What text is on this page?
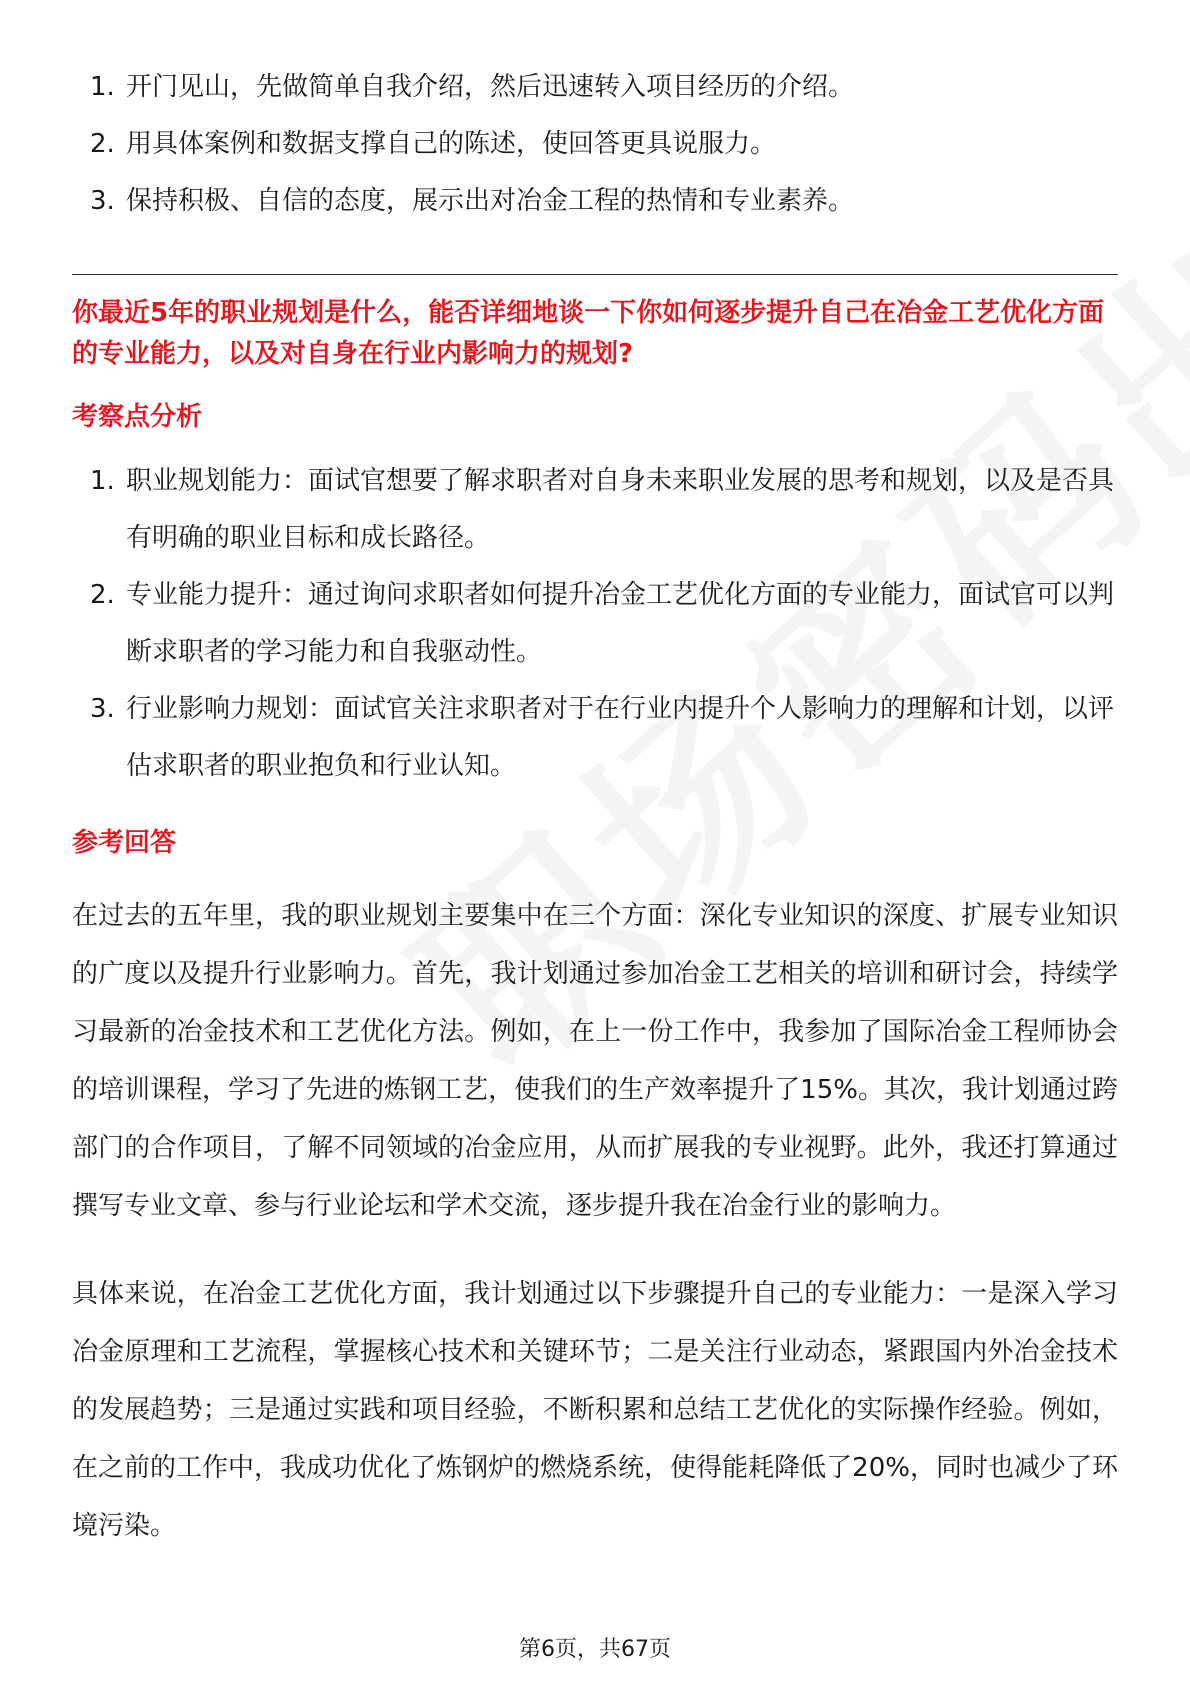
1. 开门见山，先做简单自我介绍，然后迅速转入项目经历的介绍。
2. 用具体案例和数据支撑自己的陈述，使回答更具说服力。
3. 保持积极、自信的态度，展示出对冶金工程的热情和专业素养。

你最近5年的职业规划是什么，能否详细地谈一下你如何逐步提升自己在冶金工艺优化方面的专业能力，以及对自身在行业内影响力的规划?

考察点分析
1. 职业规划能力：面试官想要了解求职者对自身未来职业发展的思考和规划，以及是否具有明确的职业目标和成长路径。
2. 专业能力提升：通过询问求职者如何提升冶金工艺优化方面的专业能力，面试官可以判断求职者的学习能力和自我驱动性。
3. 行业影响力规划：面试官关注求职者对于在行业内提升个人影响力的理解和计划，以评估求职者的职业抱负和行业认知。
参考回答

在过去的五年里，我的职业规划主要集中在三个方面：深化专业知识的深度、扩展专业知识的广度以及提升行业影响力。首先，我计划通过参加冶金工艺相关的培训和研讨会，持续学习最新的冶金技术和工艺优化方法。例如，在上一份工作中，我参加了国际冶金工程师协会的培训课程，学习了先进的炼钢工艺，使我们的生产效率提升了15%。其次，我计划通过跨部门的合作项目，了解不同领域的冶金应用，从而扩展我的专业视野。此外，我还打算通过撰写专业文章、参与行业论坛和学术交流，逐步提升我在冶金行业的影响力。

具体来说，在冶金工艺优化方面，我计划通过以下步骤提升自己的专业能力：一是深入学习冶金原理和工艺流程，掌握核心技术和关键环节；二是关注行业动态，紧跟国内外冶金技术的发展趋势；三是通过实践和项目经验，不断积累和总结工艺优化的实际操作经验。例如，在之前的工作中，我成功优化了炼钢炉的燃烧系统，使得能耗降低了20%，同时也减少了环境污染。

第6页，共67页
